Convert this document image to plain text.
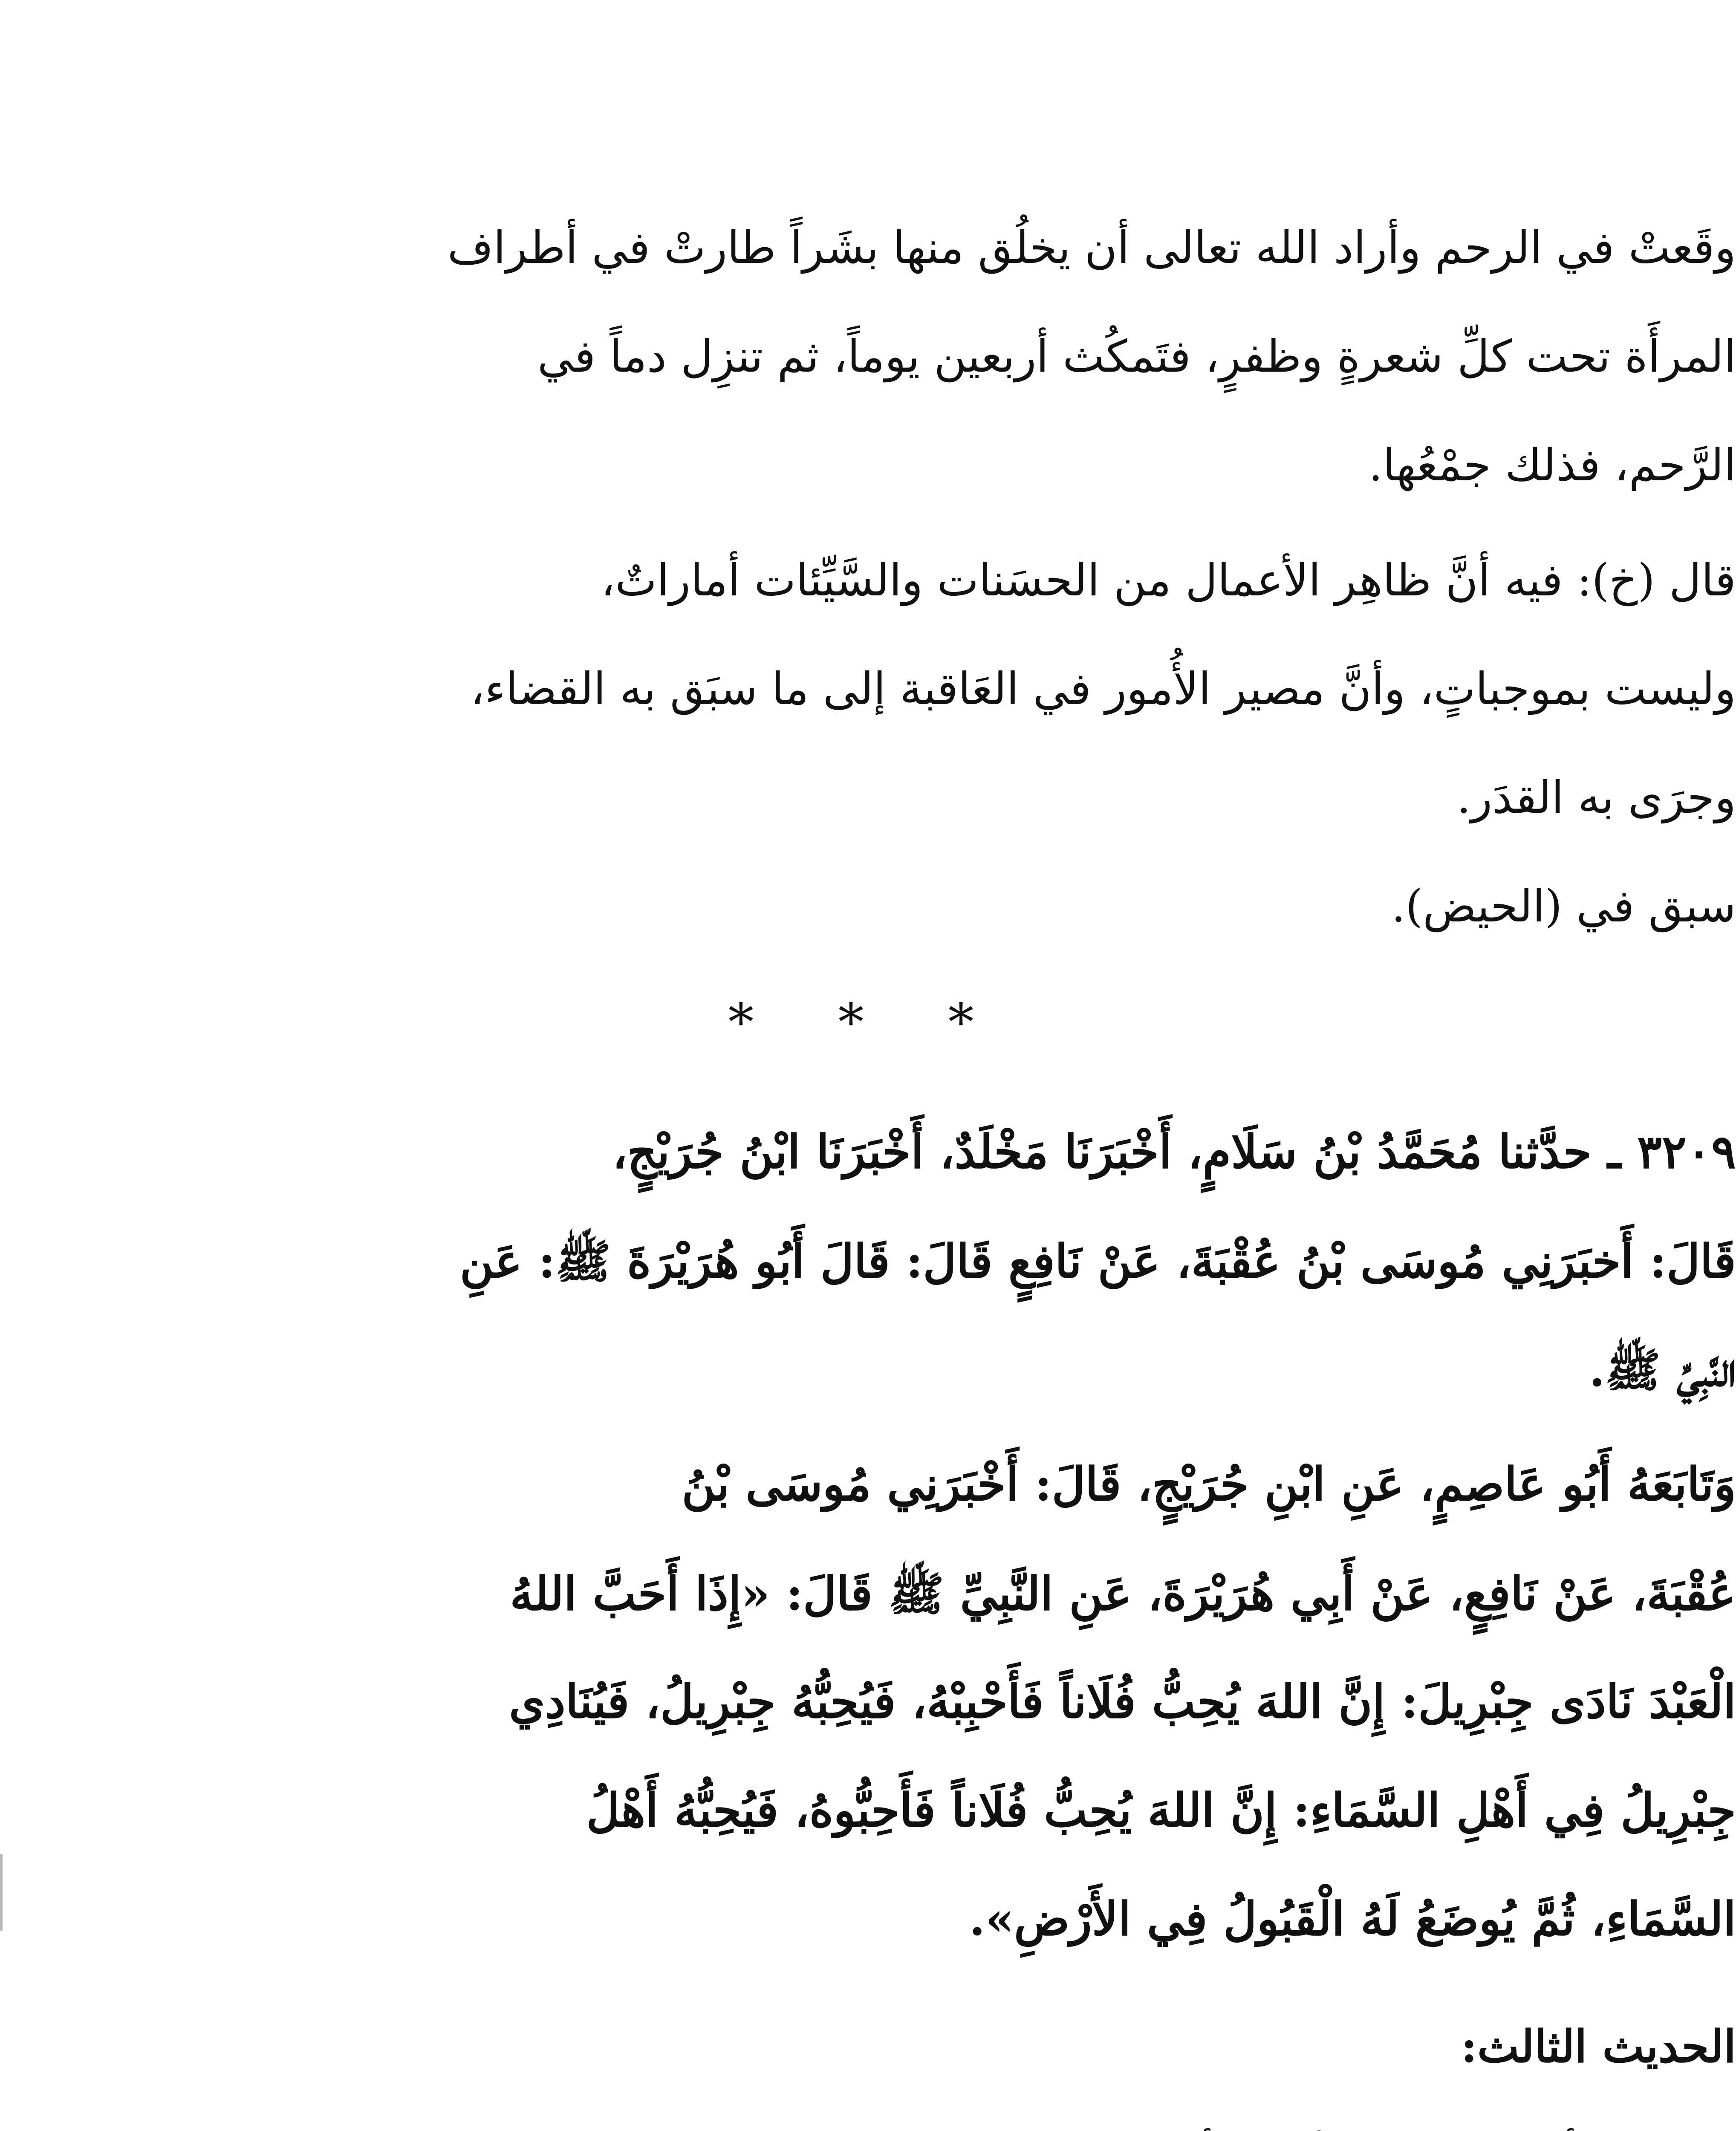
وقَعتْ في الرحم وأراد الله تعالى أن يخلُق منها بشَراً طارتْ في أطراف
المرأَة تحت كلِّ شعرةٍ وظفرٍ، فتَمكُث أربعين يوماً، ثم تنزِل دماً في
الرَّحم، فذلك جمْعُها.
قال (خ): فيه أنَّ ظاهِر الأعمال من الحسَنات والسَّيِّئات أماراتٌ،
وليست بموجباتٍ، وأنَّ مصير الأُمور في العَاقبة إلى ما سبَق به القضاء،
وجرَى به القدَر.
سبق في (الحيض).
* * *
٣٢٠٩ ـ حدَّثنا مُحَمَّدُ بْنُ سَلَامٍ، أَخْبَرَنَا مَخْلَدٌ، أَخْبَرَنَا ابْنُ جُرَيْجٍ،
قَالَ: أَخبَرَنِي مُوسَى بْنُ عُقْبَةَ، عَنْ نَافِعٍ قَالَ: قَالَ أَبُو هُرَيْرَةَ ﷺ: عَنِ
النَّبِيِّ ﷺ.
وَتَابَعَهُ أَبُو عَاصِمٍ، عَنِ ابْنِ جُرَيْجٍ، قَالَ: أَخْبَرَنِي مُوسَى بْنُ
عُقْبَةَ، عَنْ نَافِعٍ، عَنْ أَبِي هُرَيْرَةَ، عَنِ النَّبِيِّ ﷺ قَالَ: «إِذَا أَحَبَّ اللهُ
الْعَبْدَ نَادَى جِبْرِيلَ: إِنَّ اللهَ يُحِبُّ فُلَاناً فَأَحْبِبْهُ، فَيُحِبُّهُ جِبْرِيلُ، فَيُنَادِي
جِبْرِيلُ فِي أَهْلِ السَّمَاءِ: إِنَّ اللهَ يُحِبُّ فُلَاناً فَأَحِبُّوهُ، فَيُحِبُّهُ أَهْلُ
السَّمَاءِ، ثُمَّ يُوضَعُ لَهُ الْقَبُولُ فِي الأَرْضِ».
الحديث الثالث:
